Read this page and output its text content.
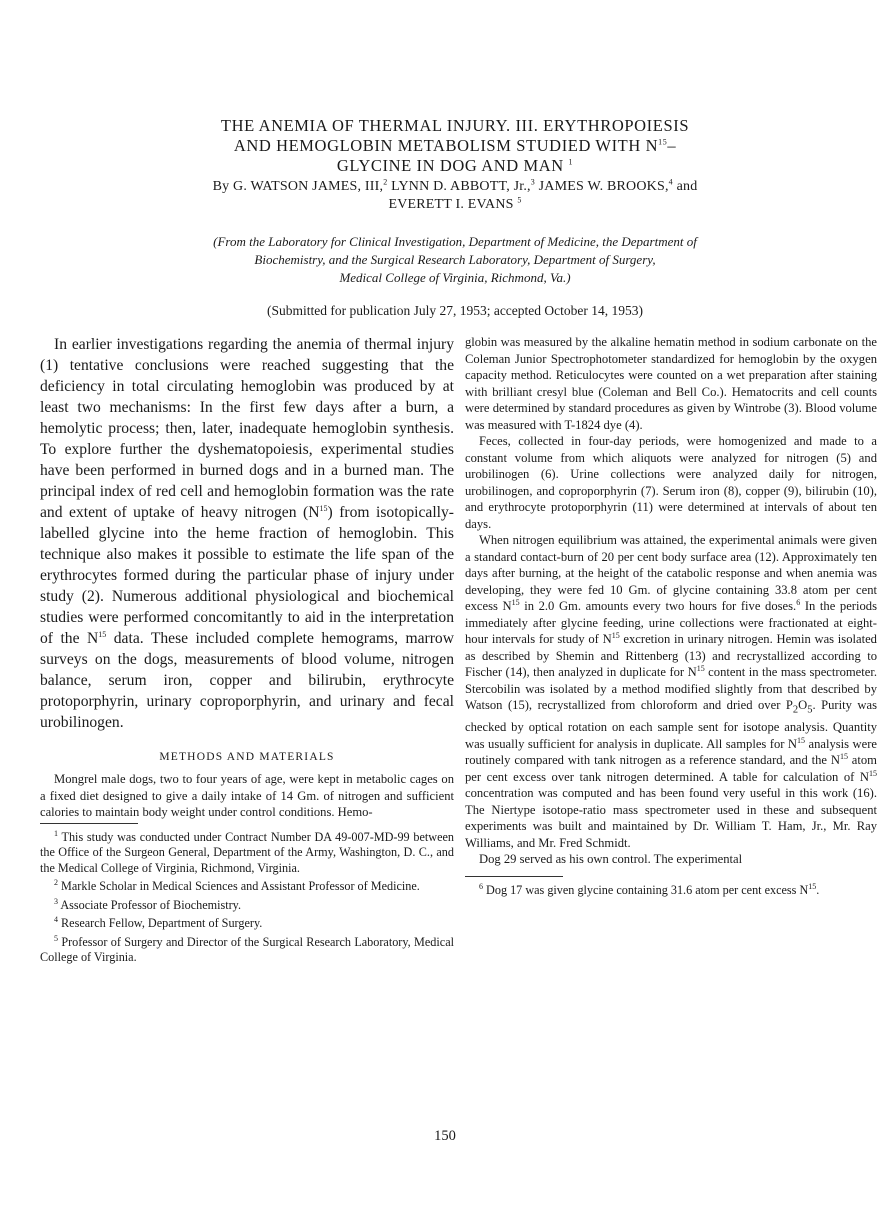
THE ANEMIA OF THERMAL INJURY. III. ERYTHROPOIESIS
AND HEMOGLOBIN METABOLISM STUDIED WITH $N^{15}-$
GLYCINE IN DOG AND MAN $^1$
By G. WATSON JAMES, III,$^2$ LYNN D. ABBOTT, Jr.,$^3$ JAMES W. BROOKS,$^4$ and
EVERETT I. EVANS $^5$
(From the Laboratory for Clinical Investigation, Department of Medicine, the Department of
Biochemistry, and the Surgical Research Laboratory, Department of Surgery,
Medical College of Virginia, Richmond, Va.)
(Submitted for publication July 27, 1953; accepted October 14, 1953)

In earlier investigations regarding the anemia of thermal injury (1) tentative conclusions were reached suggesting that the deficiency in total circulating hemoglobin was produced by at least two mechanisms: In the first few days after a burn, a hemolytic process; then, later, inadequate hemoglobin synthesis. To explore further the dyshematopoiesis, experimental studies have been performed in burned dogs and in a burned man. The principal index of red cell and hemoglobin formation was the rate and extent of uptake of heavy nitrogen $(N^{15})$ from isotopically-labelled glycine into the heme fraction of hemoglobin. This technique also makes it possible to estimate the life span of the erythrocytes formed during the particular phase of injury under study (2). Numerous additional physiological and biochemical studies were performed concomitantly to aid in the interpretation of the $N^{15}$ data. These included complete hemograms, marrow surveys on the dogs, measurements of blood volume, nitrogen balance, serum iron, copper and bilirubin, erythrocyte protoporphyrin, urinary coproporphyrin, and urinary and fecal urobilinogen.

METHODS AND MATERIALS

Mongrel male dogs, two to four years of age, were kept in metabolic cages on a fixed diet designed to give a daily intake of 14 Gm. of nitrogen and sufficient calories to maintain body weight under control conditions. Hemo-

$^1$ This study was conducted under Contract Number DA 49-007-MD-99 between the Office of the Surgeon General, Department of the Army, Washington, D. C., and the Medical College of Virginia, Richmond, Virginia.
$^2$ Markle Scholar in Medical Sciences and Assistant Professor of Medicine.
$^3$ Associate Professor of Biochemistry.
$^4$ Research Fellow, Department of Surgery.
$^5$ Professor of Surgery and Director of the Surgical Research Laboratory, Medical College of Virginia.

globin was measured by the alkaline hematin method in sodium carbonate on the Coleman Junior Spectrophotometer standardized for hemoglobin by the oxygen capacity method. Reticulocytes were counted on a wet preparation after staining with brilliant cresyl blue (Coleman and Bell Co.). Hematocrits and cell counts were determined by standard procedures as given by Wintrobe (3). Blood volume was measured with T-1824 dye (4).

Feces, collected in four-day periods, were homogenized and made to a constant volume from which aliquots were analyzed for nitrogen (5) and urobilinogen (6). Urine collections were analyzed daily for nitrogen, urobilinogen, and coproporphyrin (7). Serum iron (8), copper (9), bilirubin (10), and erythrocyte protoporphyrin (11) were determined at intervals of about ten days.

When nitrogen equilibrium was attained, the experimental animals were given a standard contact-burn of 20 per cent body surface area (12). Approximately ten days after burning, at the height of the catabolic response and when anemia was developing, they were fed 10 Gm. of glycine containing 33.8 atom per cent excess $N^{15}$ in 2.0 Gm. amounts every two hours for five doses.$^6$ In the periods immediately after glycine feeding, urine collections were fractionated at eight-hour intervals for study of $N^{15}$ excretion in urinary nitrogen. Hemin was isolated as described by Shemin and Rittenberg (13) and recrystallized according to Fischer (14), then analyzed in duplicate for $N^{15}$ content in the mass spectrometer. Stercobilin was isolated by a method modified slightly from that described by Watson (15), recrystallized from chloroform and dried over $P_2O_5$. Purity was checked by optical rotation on each sample sent for isotope analysis. Quantity was usually sufficient for analysis in duplicate. All samples for $N^{15}$ analysis were routinely compared with tank nitrogen as a reference standard, and the $N^{15}$ atom per cent excess over tank nitrogen determined. A table for calculation of $N^{15}$ concentration was computed and has been found very useful in this work (16). The Niertype isotope-ratio mass spectrometer used in these and subsequent experiments was built and maintained by Dr. William T. Ham, Jr., Mr. Ray Williams, and Mr. Fred Schmidt.

Dog 29 served as his own control. The experimental

$^6$ Dog 17 was given glycine containing 31.6 atom per cent excess $N^{15}$.
150
